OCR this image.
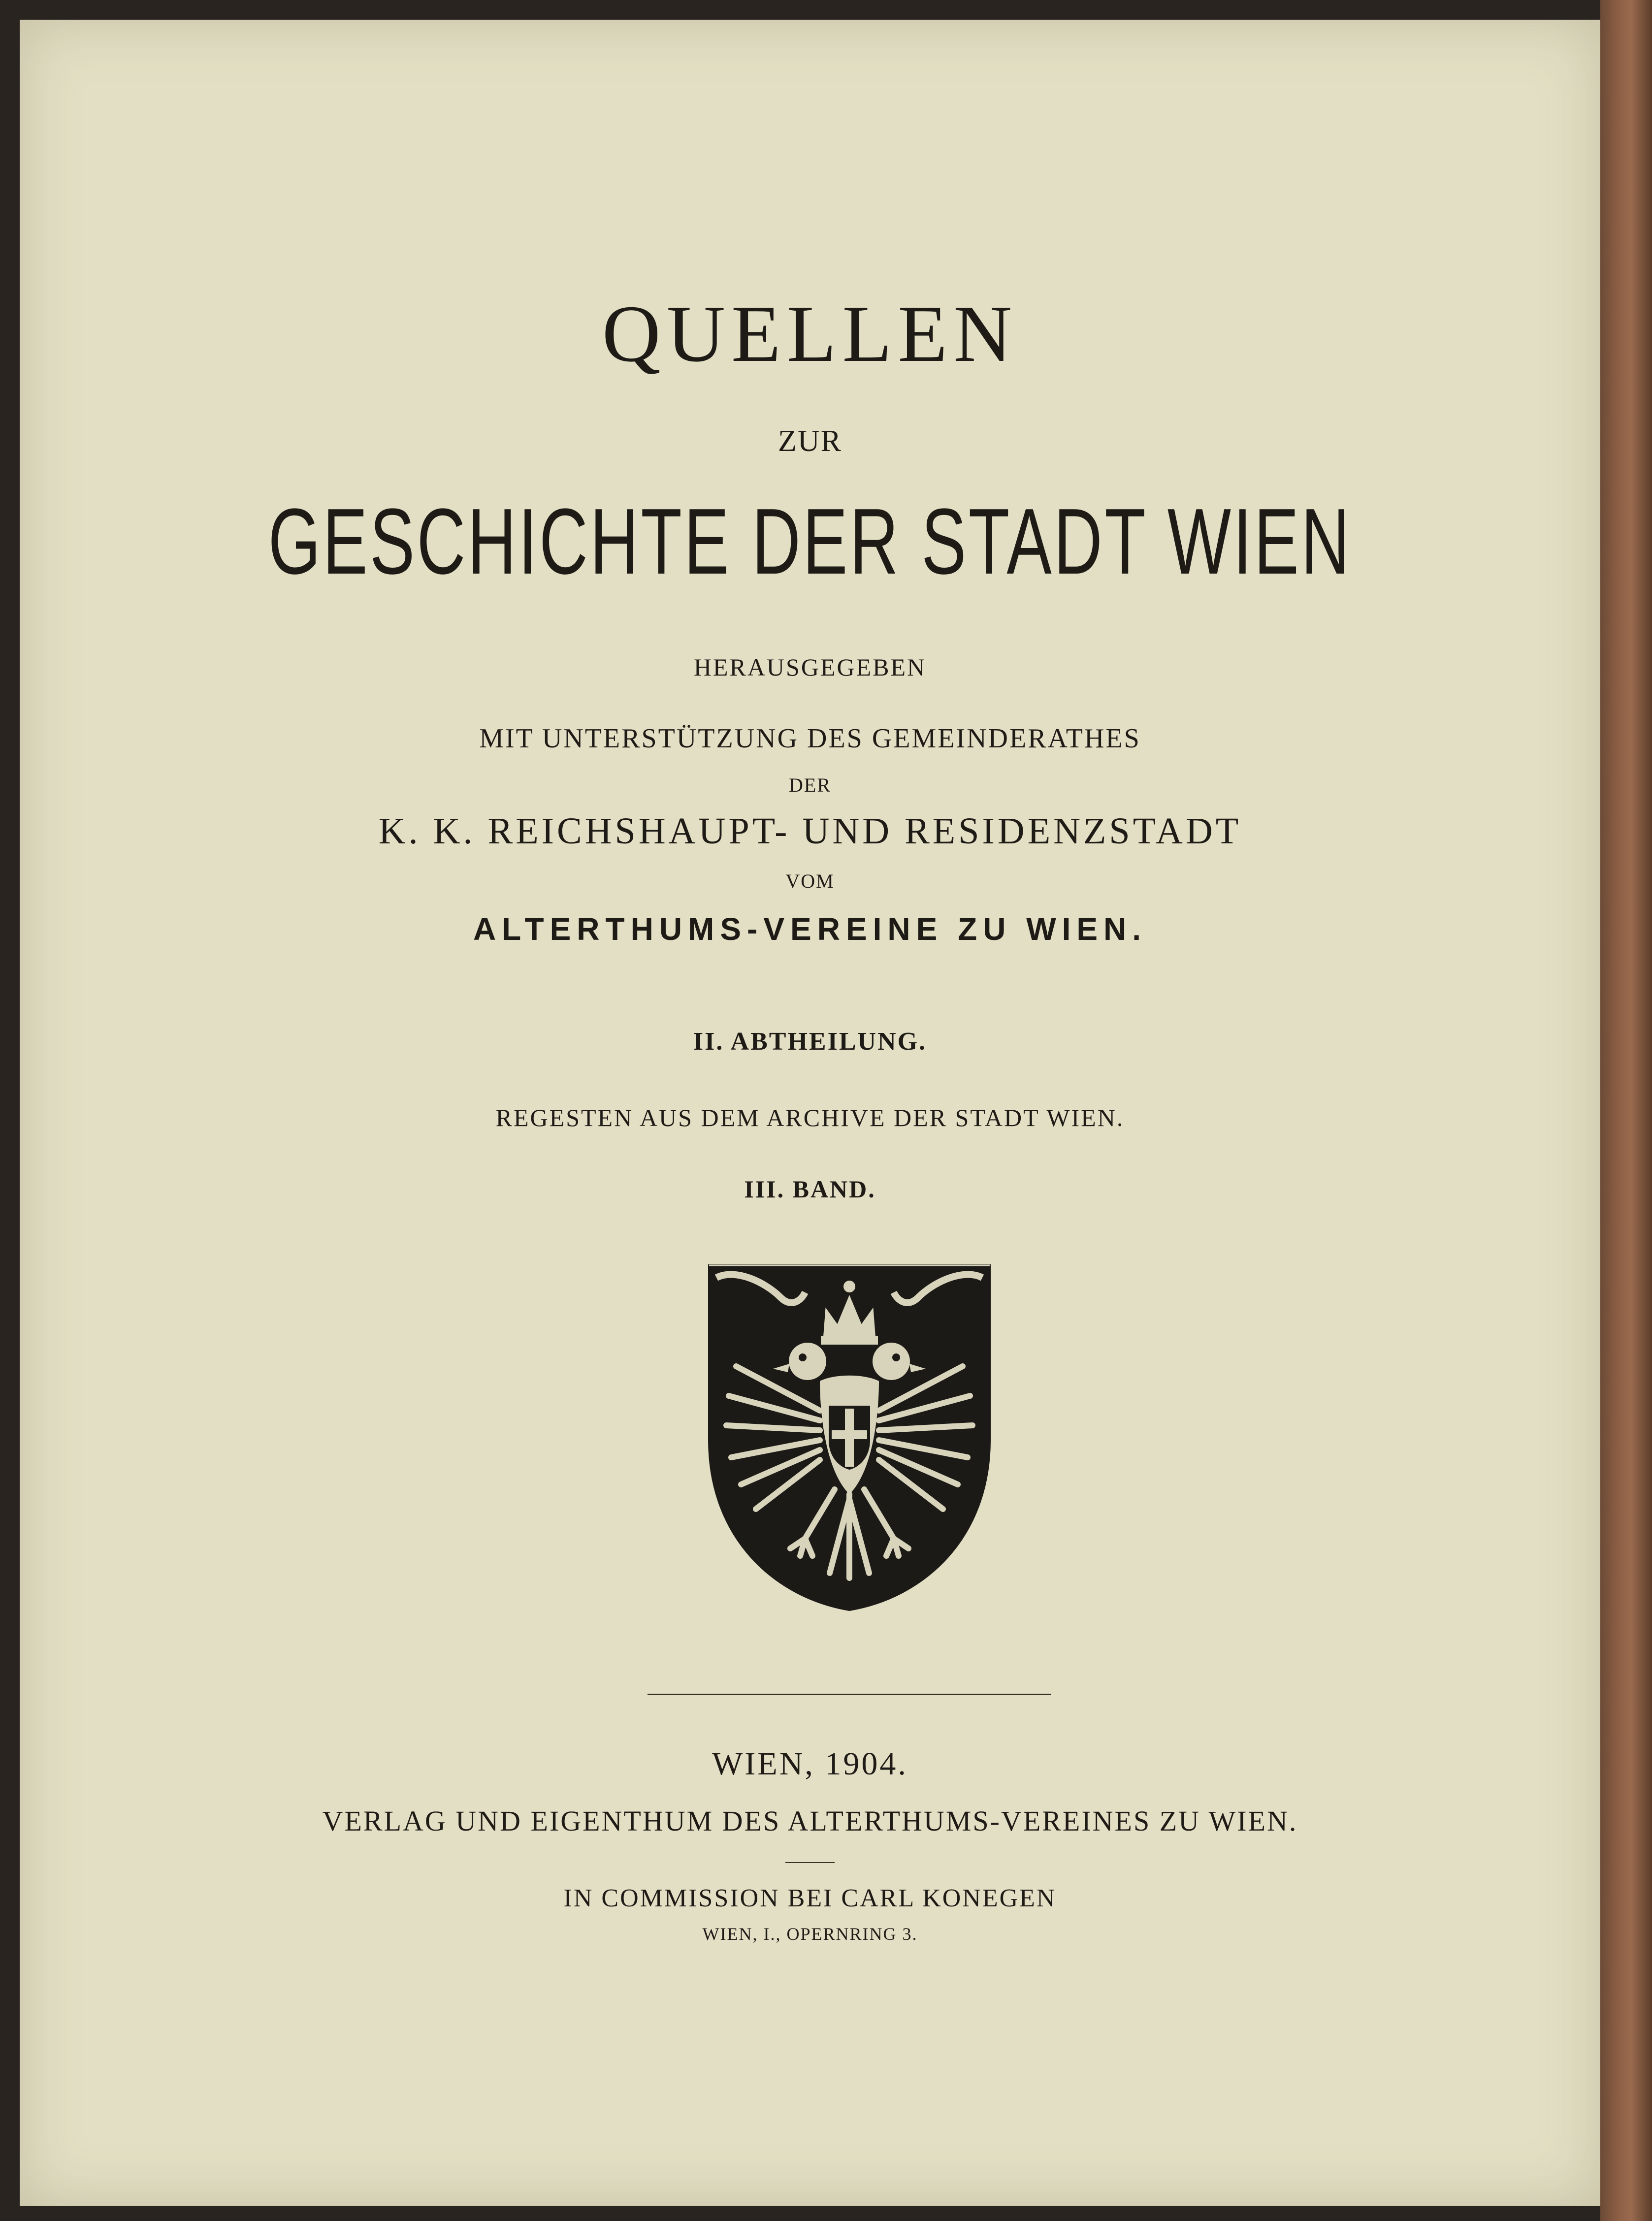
QUELLEN
ZUR
GESCHICHTE DER STADT WIEN
HERAUSGEGEBEN
MIT UNTERSTÜTZUNG DES GEMEINDERATHES
DER
K. K. REICHSHAUPT- UND RESIDENZSTADT
VOM
ALTERTHUMS-VEREINE ZU WIEN.
II. ABTHEILUNG.
REGESTEN AUS DEM ARCHIVE DER STADT WIEN.
III. BAND.
WIEN, 1904.
VERLAG UND EIGENTHUM DES ALTERTHUMS-VEREINES ZU WIEN.
IN COMMISSION BEI CARL KONEGEN
WIEN, I., OPERNRING 3.
